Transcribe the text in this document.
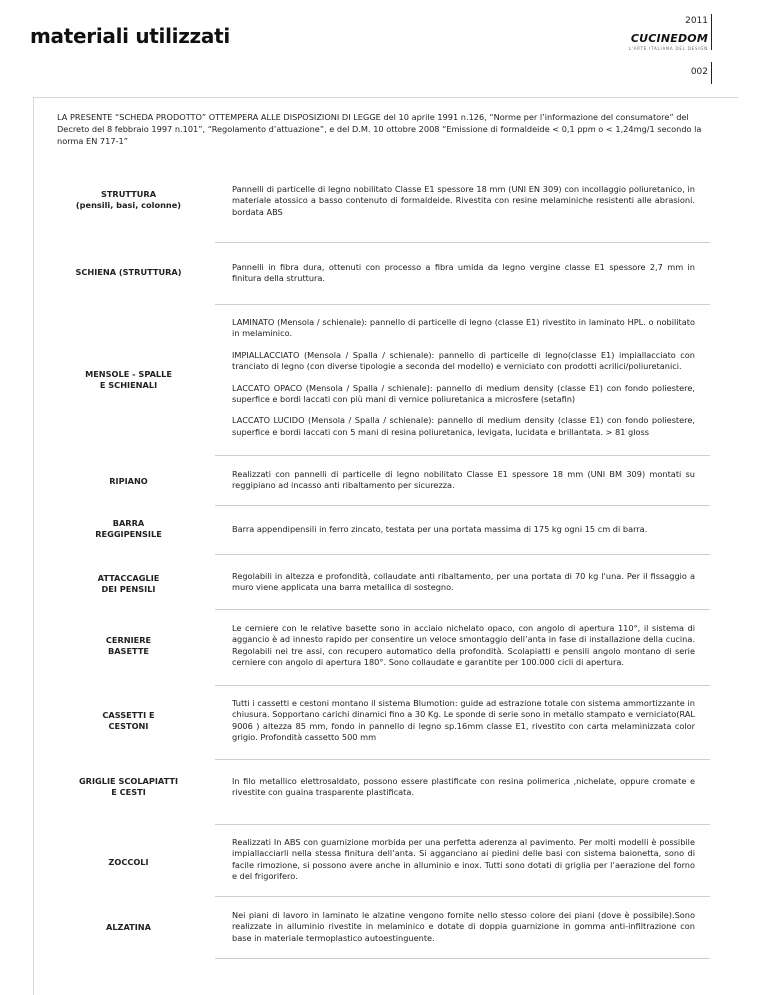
materiali utilizzati
2011
CUCINEDOM
L'ARTE ITALIANA DEL DESIGN
002
LA PRESENTE “SCHEDA PRODOTTO” OTTEMPERA ALLE DISPOSIZIONI DI LEGGE del 10 aprile 1991 n.126, “Norme per l’informazione del consumatore” del Decreto del 8 febbraio 1997 n.101”, “Regolamento d’attuazione”, e del D.M. 10 ottobre 2008 “Emissione di formaldeide < 0,1 ppm o < 1,24mg/1 secondo la norma EN 717-1”
STRUTTURA
(pensili, basi, colonne)

Pannelli di particelle di legno nobilitato Classe E1 spessore 18 mm (UNI EN 309) con incollaggio poliuretanico, in materiale atossico a basso contenuto di formaldeide. Rivestita con resine melaminiche resistenti alle abrasioni. bordata ABS

SCHIENA (STRUTTURA)	Pannelli in fibra dura, ottenuti con processo a fibra umida da legno vergine classe E1 spessore 2,7 mm in finitura della struttura.

MENSOLE - SPALLE
E SCHIENALI

LAMINATO (Mensola / schienale): pannello di particelle di legno (classe E1) rivestito in laminato HPL. o nobilitato in melaminico.

IMPIALLACCIATO (Mensola / Spalla / schienale): pannello di particelle di legno(classe E1) impiallacciato con tranciato di legno (con diverse tipologie a seconda del modello) e verniciato con prodotti acrilici/poliuretanici.

LACCATO OPACO (Mensola / Spalla / schienale): pannello di medium density (classe E1) con fondo poliestere, superfice e bordi laccati con più mani di vernice poliuretanica a microsfere (setafin)

LACCATO LUCIDO (Mensola / Spalla / schienale): pannello di medium density (classe E1) con fondo poliestere, superfice e bordi laccati con 5 mani di resina poliuretanica, levigata, lucidata e brillantata. > 81 gloss

RIPIANO

Realizzati con pannelli di particelle di legno nobilitato Classe E1 spessore 18 mm (UNI BM 309) montati su reggipiano ad incasso anti ribaltamento per sicurezza.

BARRA
REGGIPENSILE	Barra appendipensili in ferro zincato, testata per una portata massima di 175 kg ogni 15 cm di barra.

ATTACCAGLIE
DEI PENSILI

Regolabili in altezza e profondità, collaudate anti ribaltamento, per una portata di 70 kg l'una. Per il fissaggio a muro viene applicata una barra metallica di sostegno.

CERNIERE
BASETTE

Le cerniere con le relative basette sono in acciaio nichelato opaco, con angolo di apertura 110°, il sistema di aggancio è ad innesto rapido per consentire un veloce smontaggio dell’anta in fase di installazione della cucina. Regolabili nei tre assi, con recupero automatico della profondità. Scolapiatti e pensili angolo montano di serie cerniere con angolo di apertura 180°. Sono collaudate e garantite per 100.000 cicli di apertura.

CASSETTI E
CESTONI

Tutti i cassetti e cestoni montano il sistema Blumotion: guide ad estrazione totale con sistema ammortizzante in chiusura. Sopportano carichi dinamici fino a 30 Kg. Le sponde di serie sono in metallo stampato e verniciato(RAL 9006 ) altezza 85 mm, fondo in pannello di legno sp.16mm classe E1, rivestito con carta melaminizzata color grigio. Profondità cassetto 500 mm

GRIGLIE SCOLAPIATTI
E CESTI

In filo metallico elettrosaldato, possono essere plastificate con resina polimerica ,nichelate, oppure cromate e rivestite con guaina trasparente plastificata.

ZOCCOLI

Realizzati In ABS con guarnizione morbida per una perfetta aderenza al pavimento. Per molti modelli è possibile impiallacciarli nella stessa finitura dell’anta. Si agganciano ai piedini delle basi con sistema baionetta, sono di facile rimozione, si possono avere anche in alluminio e inox. Tutti sono dotati di griglia per l’aerazione del forno e del frigorifero.

ALZATINA

Nei piani di lavoro in laminato le alzatine vengono fornite nello stesso colore dei piani (dove è possibile).Sono realizzate in alluminio rivestite in melaminico e dotate di doppia guarnizione in gomma anti-infiltrazione con base in materiale termoplastico autoestinguente.
